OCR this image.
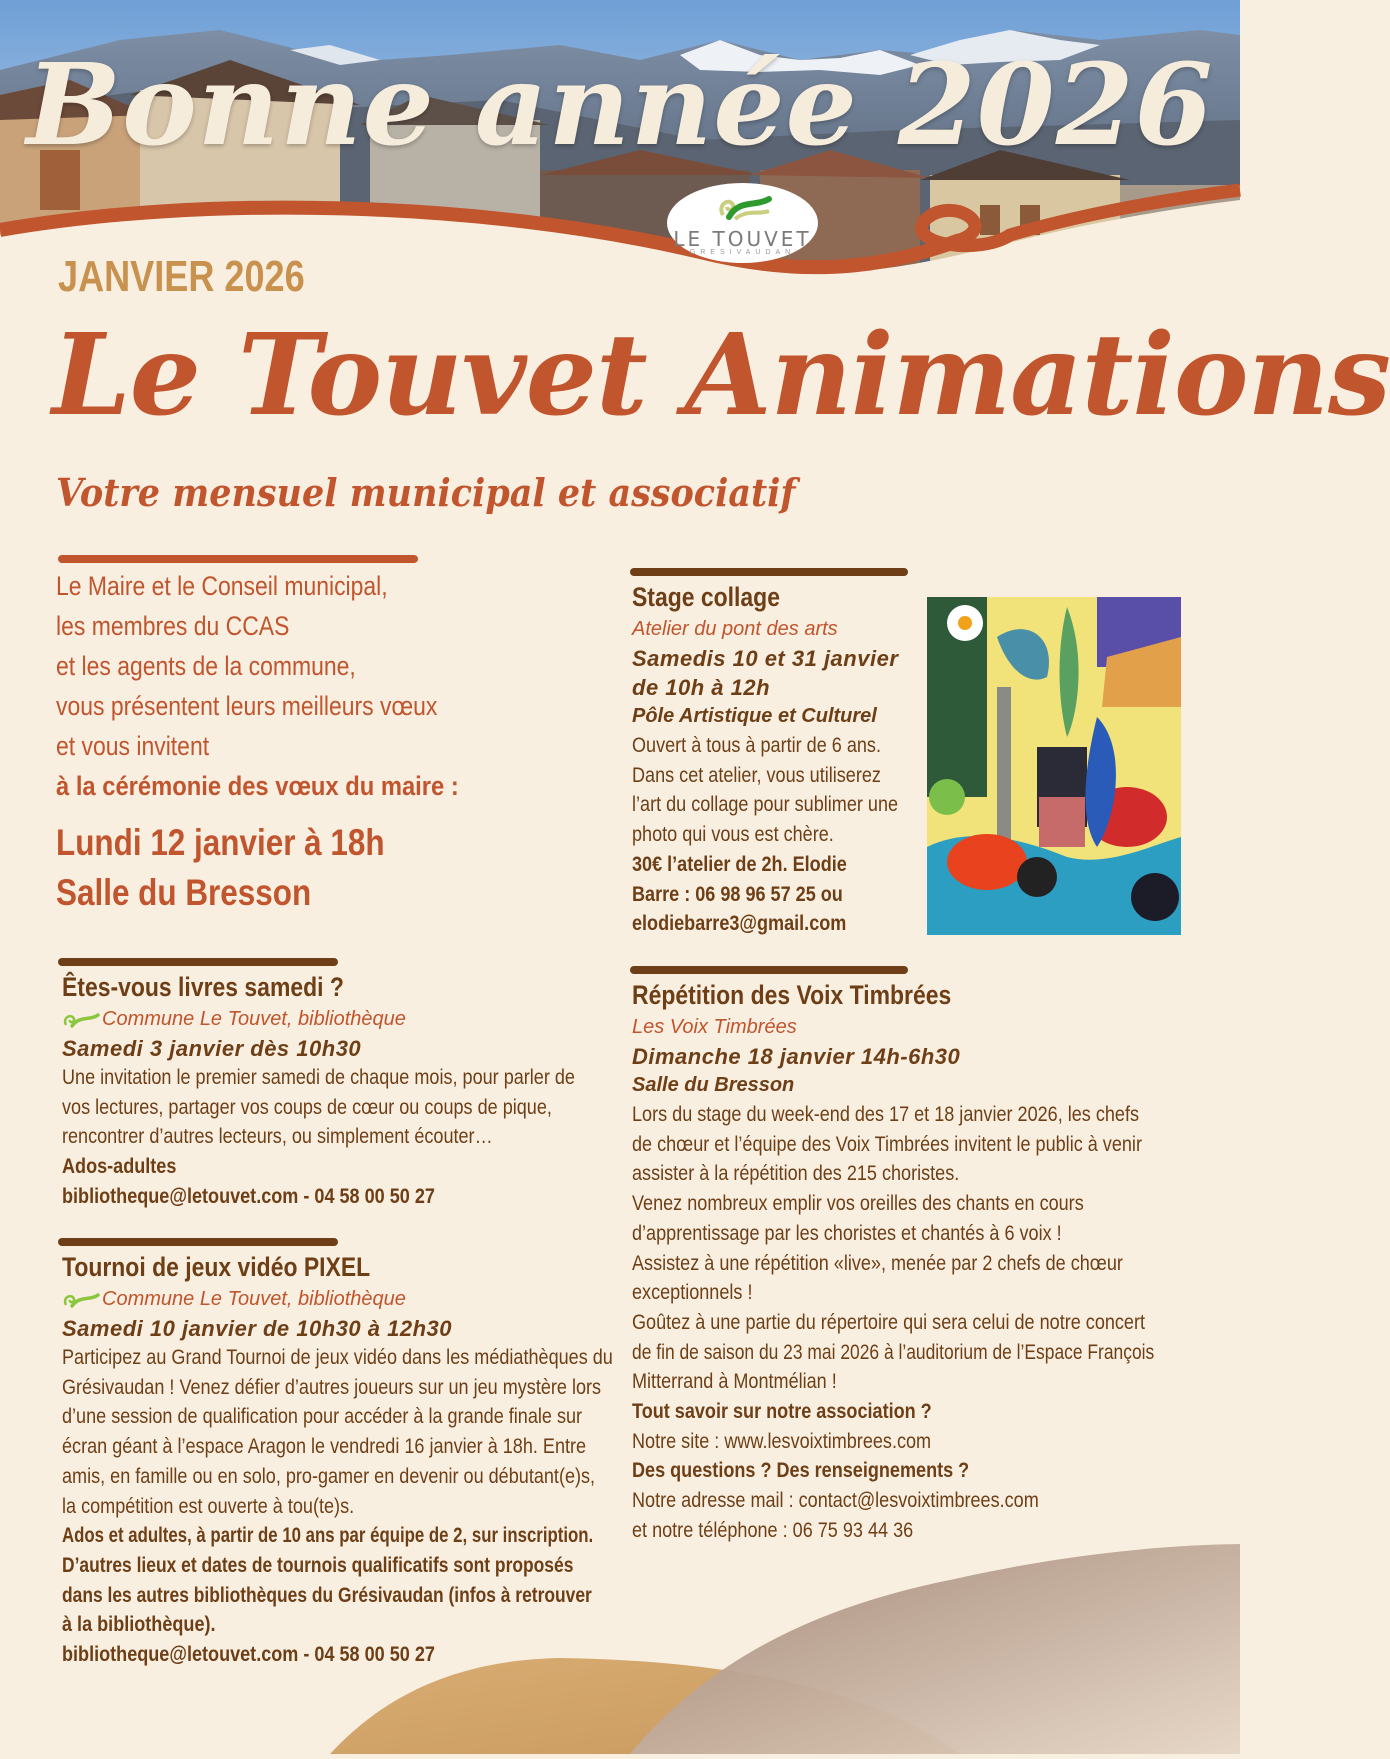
Bonne année 2026
LE TOUVET
GRESIVAUDAN
JANVIER 2026
Le Touvet Animations
Votre mensuel municipal et associatif
Le Maire et le Conseil municipal,
les membres du CCAS
et les agents de la commune,
vous présentent leurs meilleurs vœux
et vous invitent
à la cérémonie des vœux du maire :
Lundi 12 janvier à 18h
Salle du Bresson
Êtes-vous livres samedi ?
Commune Le Touvet, bibliothèque
Samedi 3 janvier dès 10h30
Une invitation le premier samedi de chaque mois, pour parler de
vos lectures, partager vos coups de cœur ou coups de pique,
rencontrer d’autres lecteurs, ou simplement écouter…
Ados-adultes
bibliotheque@letouvet.com - 04 58 00 50 27
Tournoi de jeux vidéo PIXEL
Commune Le Touvet, bibliothèque
Samedi 10 janvier de 10h30 à 12h30
Participez au Grand Tournoi de jeux vidéo dans les médiathèques du
Grésivaudan ! Venez défier d’autres joueurs sur un jeu mystère lors
d’une session de qualification pour accéder à la grande finale sur
écran géant à l’espace Aragon le vendredi 16 janvier à 18h. Entre
amis, en famille ou en solo, pro-gamer en devenir ou débutant(e)s,
la compétition est ouverte à tou(te)s.
Ados et adultes, à partir de 10 ans par équipe de 2, sur inscription.
D’autres lieux et dates de tournois qualificatifs sont proposés
dans les autres bibliothèques du Grésivaudan (infos à retrouver
à la bibliothèque).
bibliotheque@letouvet.com - 04 58 00 50 27
Stage collage
Atelier du pont des arts
Samedis 10 et 31 janvier
de 10h à 12h
Pôle Artistique et Culturel
Ouvert à tous à partir de 6 ans.
Dans cet atelier, vous utiliserez
l’art du collage pour sublimer une
photo qui vous est chère.
30€ l’atelier de 2h. Elodie
Barre : 06 98 96 57 25 ou
elodiebarre3@gmail.com
Répétition des Voix Timbrées
Les Voix Timbrées
Dimanche 18 janvier 14h-6h30
Salle du Bresson
Lors du stage du week-end des 17 et 18 janvier 2026, les chefs
de chœur et l’équipe des Voix Timbrées invitent le public à venir
assister à la répétition des 215 choristes.
Venez nombreux emplir vos oreilles des chants en cours
d’apprentissage par les choristes et chantés à 6 voix !
Assistez à une répétition «live», menée par 2 chefs de chœur
exceptionnels !
Goûtez à une partie du répertoire qui sera celui de notre concert
de fin de saison du 23 mai 2026 à l’auditorium de l’Espace François
Mitterrand à Montmélian !
Tout savoir sur notre association ?
Notre site : www.lesvoixtimbrees.com
Des questions ? Des renseignements ?
Notre adresse mail : contact@lesvoixtimbrees.com
et notre téléphone : 06 75 93 44 36
